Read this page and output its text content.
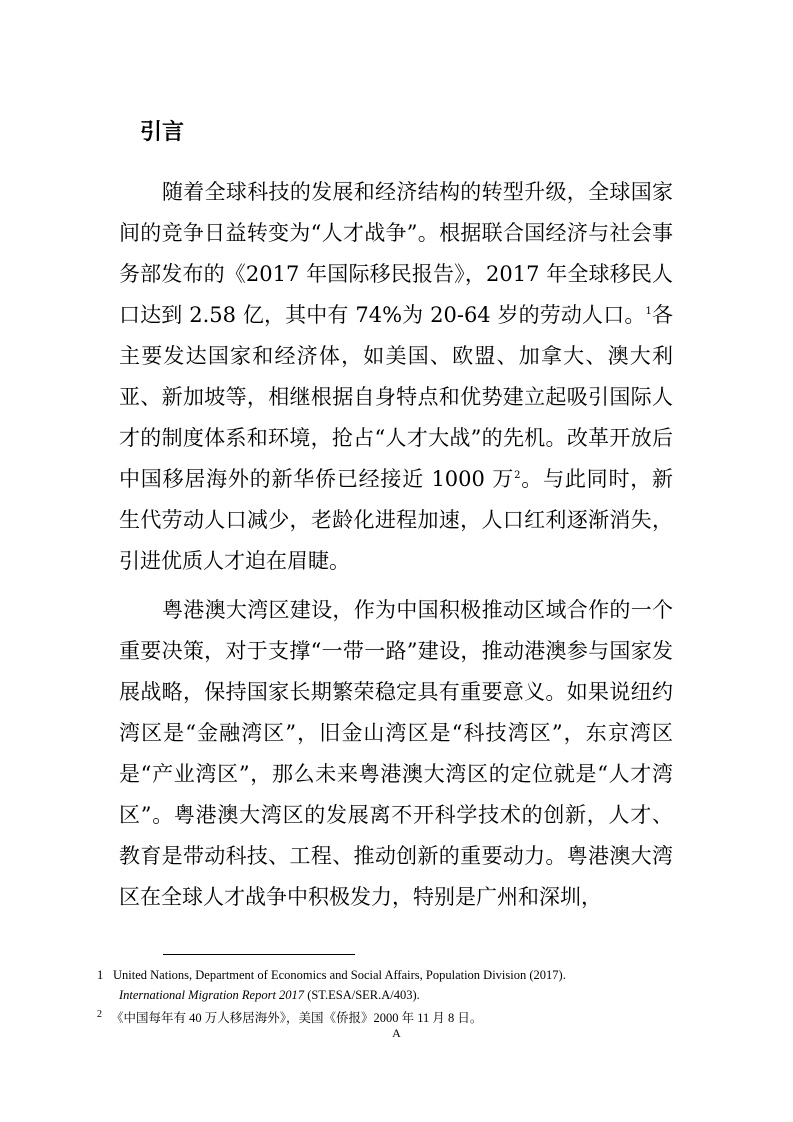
引言

随着全球科技的发展和经济结构的转型升级，全球国家间的竞争日益转变为“人才战争”。根据联合国经济与社会事务部发布的《2017 年国际移民报告》，2017 年全球移民人口达到 2.58 亿，其中有 74%为 20-64 岁的劳动人口。$^1$各主要发达国家和经济体，如美国、欧盟、加拿大、澳大利亚、新加坡等，相继根据自身特点和优势建立起吸引国际人才的制度体系和环境，抢占“人才大战”的先机。改革开放后中国移居海外的新华侨已经接近 1000 万$^2$。与此同时，新生代劳动人口减少，老龄化进程加速，人口红利逐渐消失，引进优质人才迫在眉睫。

粤港澳大湾区建设，作为中国积极推动区域合作的一个重要决策，对于支撑“一带一路”建设，推动港澳参与国家发展战略，保持国家长期繁荣稳定具有重要意义。如果说纽约湾区是“金融湾区”，旧金山湾区是“科技湾区”，东京湾区是“产业湾区”，那么未来粤港澳大湾区的定位就是“人才湾区”。粤港澳大湾区的发展离不开科学技术的创新，人才、教育是带动科技、工程、推动创新的重要动力。粤港澳大湾区在全球人才战争中积极发力，特别是广州和深圳，

1 United Nations, Department of Economics and Social Affairs, Population Division (2017).

International Migration Report 2017 (ST.ESA/SER.A/403).

2 《中国每年有 40 万人移居海外》，美国《侨报》2000 年 11 月 8 日。

A
